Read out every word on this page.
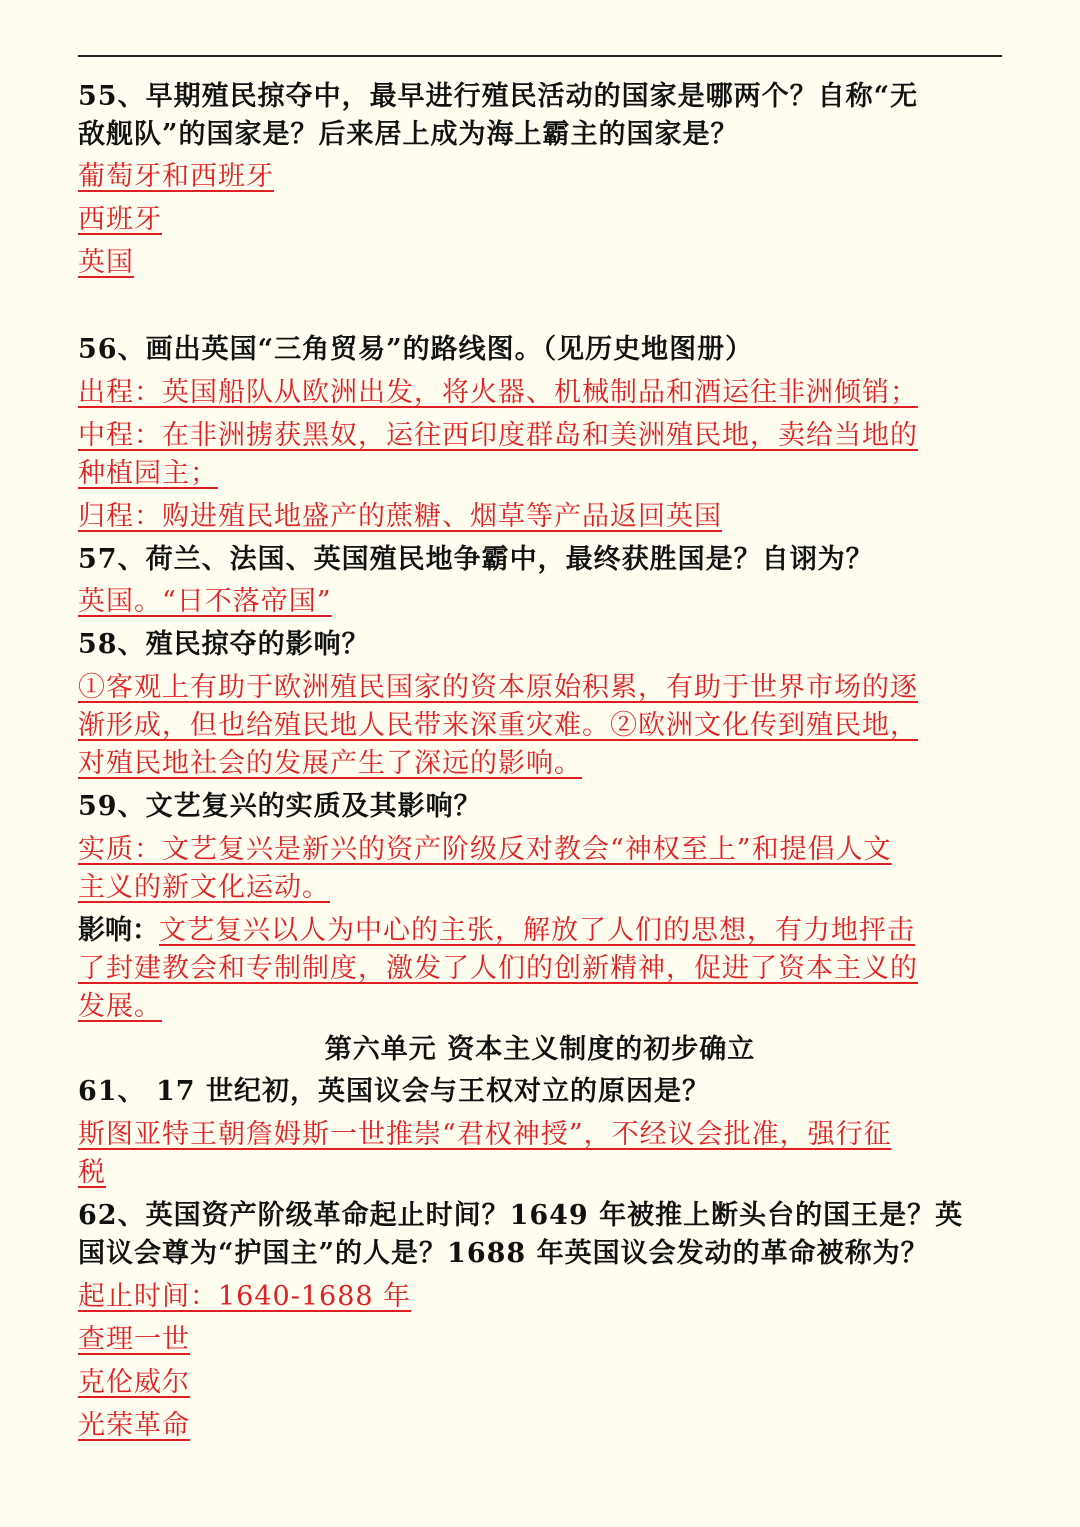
55、早期殖民掠夺中，最早进行殖民活动的国家是哪两个？自称“无
敌舰队”的国家是？后来居上成为海上霸主的国家是？
葡萄牙和西班牙
西班牙
英国
56、画出英国“三角贸易”的路线图。（见历史地图册）
出程：英国船队从欧洲出发，将火器、机械制品和酒运往非洲倾销；
中程：在非洲掳获黑奴，运往西印度群岛和美洲殖民地，卖给当地的
种植园主；
归程：购进殖民地盛产的蔗糖、烟草等产品返回英国
57、荷兰、法国、英国殖民地争霸中，最终获胜国是？自诩为？
英国。“日不落帝国”
58、殖民掠夺的影响？
①客观上有助于欧洲殖民国家的资本原始积累，有助于世界市场的逐
渐形成，但也给殖民地人民带来深重灾难。②欧洲文化传到殖民地，
对殖民地社会的发展产生了深远的影响。
59、文艺复兴的实质及其影响？
实质：文艺复兴是新兴的资产阶级反对教会“神权至上”和提倡人文
主义的新文化运动。
影响：文艺复兴以人为中心的主张，解放了人们的思想，有力地抨击
了封建教会和专制制度，激发了人们的创新精神，促进了资本主义的
发展。
第六单元 资本主义制度的初步确立
61、 17 世纪初，英国议会与王权对立的原因是？
斯图亚特王朝詹姆斯一世推崇“君权神授”，不经议会批准，强行征
税
62、英国资产阶级革命起止时间？1649 年被推上断头台的国王是？英
国议会尊为“护国主”的人是？1688 年英国议会发动的革命被称为？
起止时间：1640-1688 年
查理一世
克伦威尔
光荣革命
